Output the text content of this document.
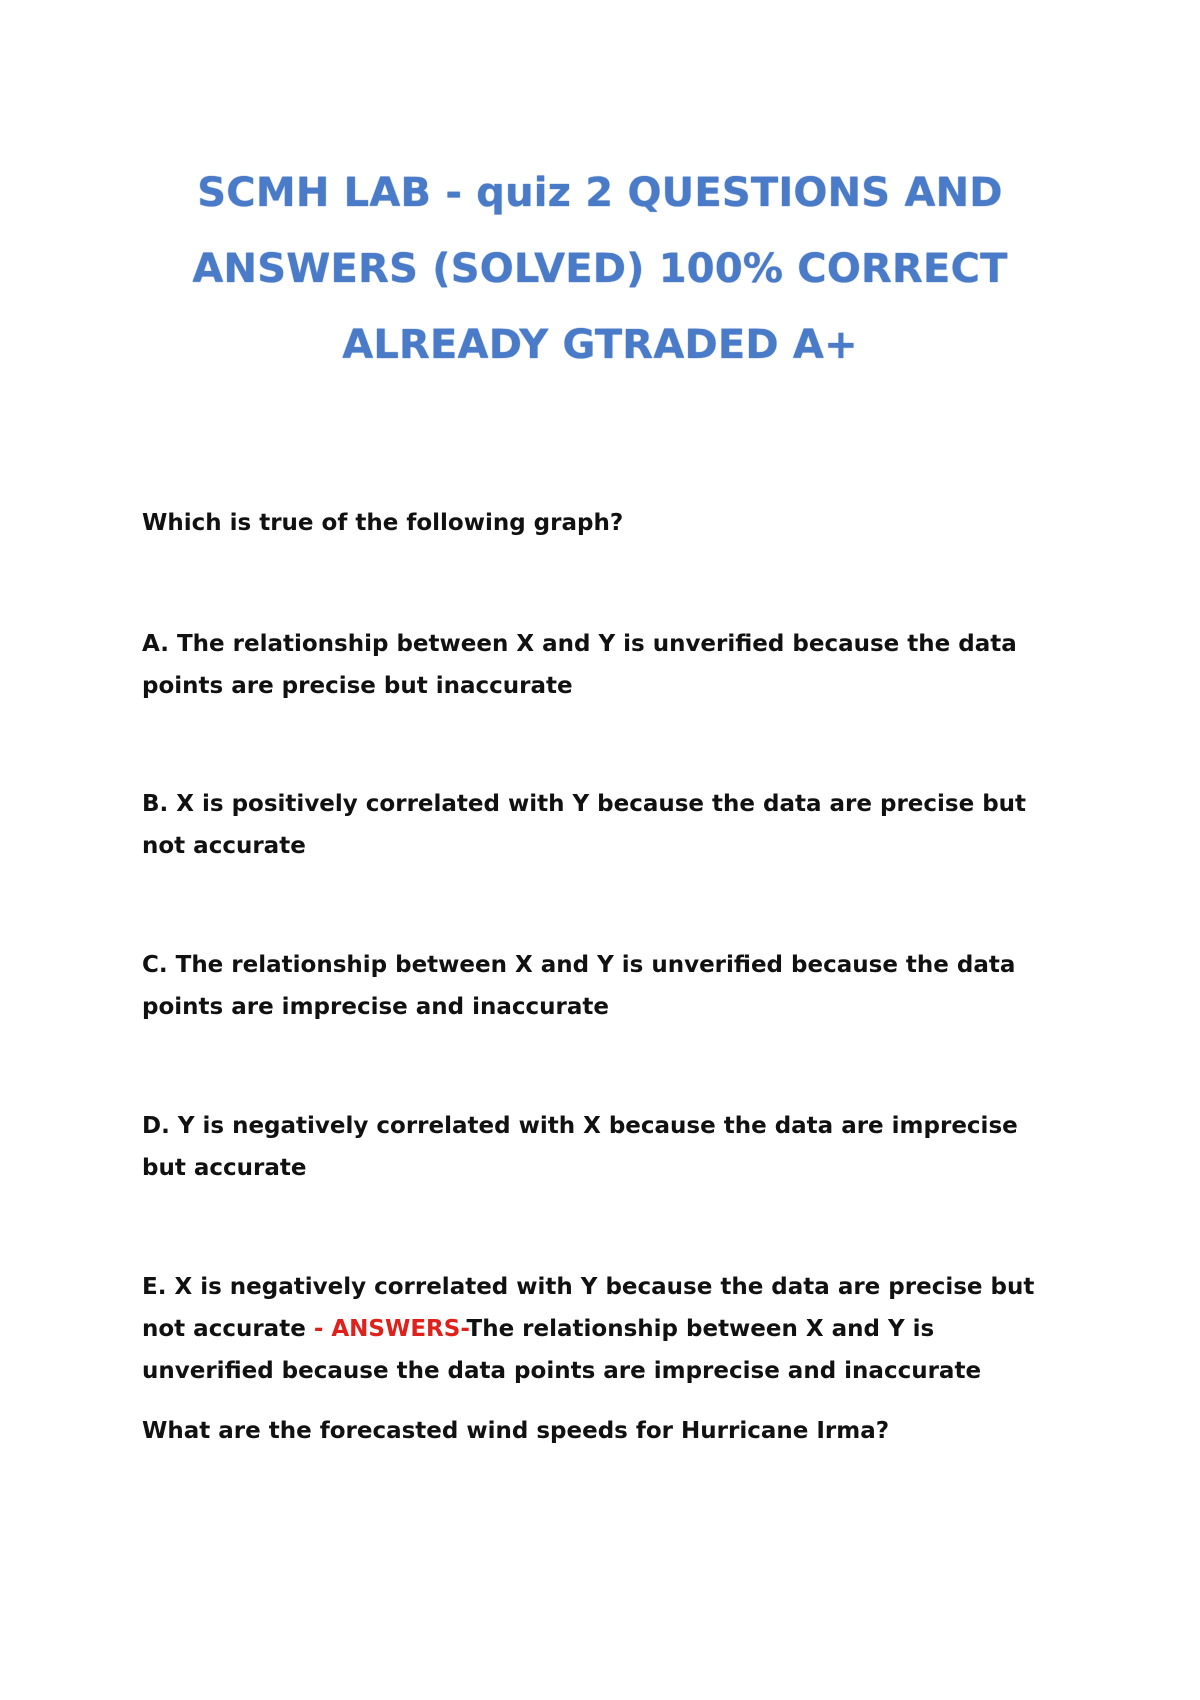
SCMH LAB - quiz 2 QUESTIONS AND
ANSWERS (SOLVED) 100% CORRECT
ALREADY GTRADED A+

Which is true of the following graph?

A. The relationship between X and Y is unverified because the data
points are precise but inaccurate

B. X is positively correlated with Y because the data are precise but
not accurate

C. The relationship between X and Y is unverified because the data
points are imprecise and inaccurate

D. Y is negatively correlated with X because the data are imprecise
but accurate

E. X is negatively correlated with Y because the data are precise but
not accurate - ANSWERS-The relationship between X and Y is
unverified because the data points are imprecise and inaccurate

What are the forecasted wind speeds for Hurricane Irma?
